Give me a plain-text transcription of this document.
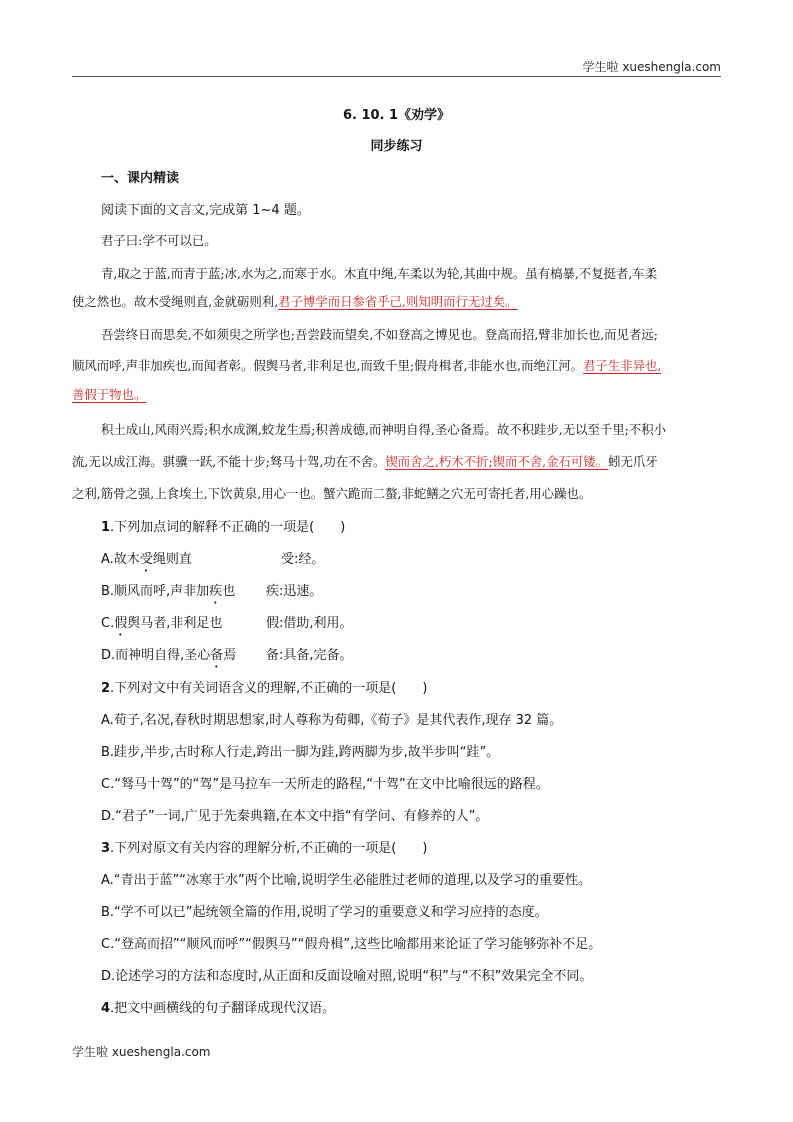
学生啦 xueshengla.com
6. 10. 1《劝学》
同步练习
一、课内精读
阅读下面的文言文,完成第 1~4 题。
君子曰:学不可以已。
青,取之于蓝,而青于蓝;冰,水为之,而寒于水。木直中绳,车柔以为轮,其曲中规。虽有槁暴,不复挺者,车柔
使之然也。故木受绳则直,金就砺则利,君子博学而日参省乎己,则知明而行无过矣。
吾尝终日而思矣,不如须臾之所学也;吾尝跂而望矣,不如登高之博见也。登高而招,臂非加长也,而见者远;
顺风而呼,声非加疾也,而闻者彰。假舆马者,非利足也,而致千里;假舟楫者,非能水也,而绝江河。君子生非异也,
善假于物也。
积土成山,风雨兴焉;积水成渊,蛟龙生焉;积善成德,而神明自得,圣心备焉。故不积跬步,无以至千里;不积小
流,无以成江海。骐骥一跃,不能十步;驽马十驾,功在不舍。锲而舍之,朽木不折;锲而不舍,金石可镂。蚓无爪牙
之利,筋骨之强,上食埃土,下饮黄泉,用心一也。蟹六跪而二螯,非蛇鳝之穴无可寄托者,用心躁也。
1.下列加点词的解释不正确的一项是(　　)
A.故木受绳则直	受:经。
B.顺风而呼,声非加疾也 疾:迅速。
C.假舆马者,非利足也	假:借助,利用。
D.而神明自得,圣心备焉 备:具备,完备。
2.下列对文中有关词语含义的理解,不正确的一项是(　　)
A.荀子,名况,春秋时期思想家,时人尊称为荀卿,《荀子》是其代表作,现存 32 篇。
B.跬步,半步,古时称人行走,跨出一脚为跬,跨两脚为步,故半步叫“跬”。
C.“驽马十驾”的“驾”是马拉车一天所走的路程,“十驾”在文中比喻很远的路程。
D.“君子”一词,广见于先秦典籍,在本文中指“有学问、有修养的人”。
3.下列对原文有关内容的理解分析,不正确的一项是(　　)
A.“青出于蓝”“冰寒于水”两个比喻,说明学生必能胜过老师的道理,以及学习的重要性。
B.“学不可以已”起统领全篇的作用,说明了学习的重要意义和学习应持的态度。
C.“登高而招”“顺风而呼”“假舆马”“假舟楫”,这些比喻都用来论证了学习能够弥补不足。
D.论述学习的方法和态度时,从正面和反面设喻对照,说明“积”与“不积”效果完全不同。
4.把文中画横线的句子翻译成现代汉语。
学生啦 xueshengla.com
